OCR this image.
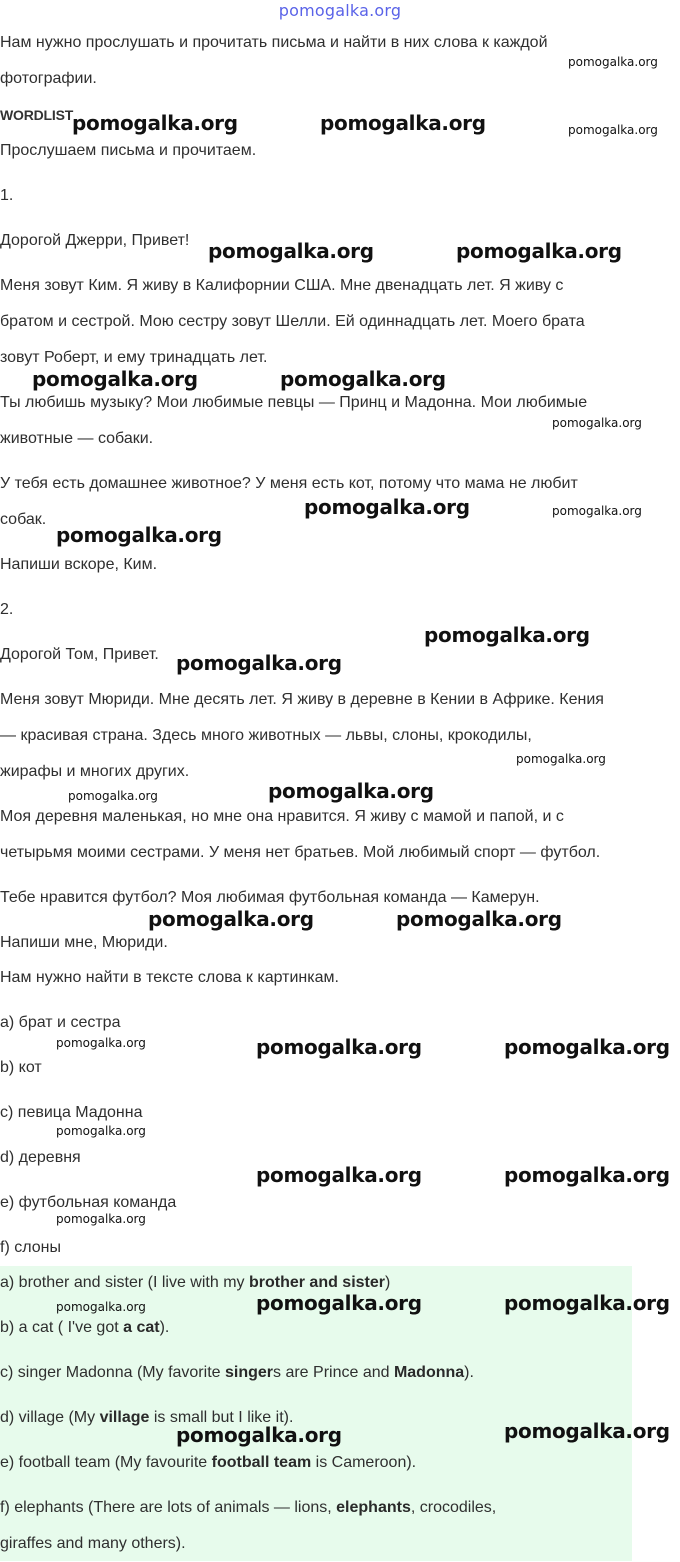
pomogalka.org
Нам нужно прослушать и прочитать письма и найти в них слова к каждой
фотографии.
WORDLIST
Прослушаем письма и прочитаем.
1.
Дорогой Джерри, Привет!
Меня зовут Ким. Я живу в Калифорнии США. Мне двенадцать лет. Я живу с
братом и сестрой. Мою сестру зовут Шелли. Ей одиннадцать лет. Моего брата
зовут Роберт, и ему тринадцать лет.
Ты любишь музыку? Мои любимые певцы — Принц и Мадонна. Мои любимые
животные — собаки.
У тебя есть домашнее животное? У меня есть кот, потому что мама не любит
собак.
Напиши вскоре, Ким.
2.
Дорогой Том, Привет.
Меня зовут Мюриди. Мне десять лет. Я живу в деревне в Кении в Африке. Кения
— красивая страна. Здесь много животных — львы, слоны, крокодилы,
жирафы и многих других.
Моя деревня маленькая, но мне она нравится. Я живу с мамой и папой, и с
четырьмя моими сестрами. У меня нет братьев. Мой любимый спорт — футбол.
Тебе нравится футбол? Моя любимая футбольная команда — Камерун.
Напиши мне, Мюриди.
Нам нужно найти в тексте слова к картинкам.
а) брат и сестра
b) кот
с) певица Мадонна
d) деревня
е) футбольная команда
f) слоны
a) brother and sister (I live with my brother and sister)
b) a cat ( I've got a cat).
c) singer Madonna (My favorite singers are Prince and Madonna).
d) village (My village is small but I like it).
e) football team (My favourite football team is Cameroon).
f) elephants (There are lots of animals — lions, elephants, crocodiles,
giraffes and many others).
pomogalka.org
pomogalka.org	pomogalka.org	pomogalka.org
pomogalka.org	pomogalka.org
pomogalka.org	pomogalka.org
pomogalka.org
pomogalka.org	pomogalka.org
pomogalka.org
pomogalka.org
pomogalka.org
pomogalka.org
pomogalka.org
pomogalka.org
pomogalka.org	pomogalka.org
pomogalka.org	pomogalka.org	pomogalka.org
pomogalka.org
pomogalka.org	pomogalka.org
pomogalka.org
pomogalka.org	pomogalka.org
pomogalka.org
pomogalka.org	pomogalka.org
